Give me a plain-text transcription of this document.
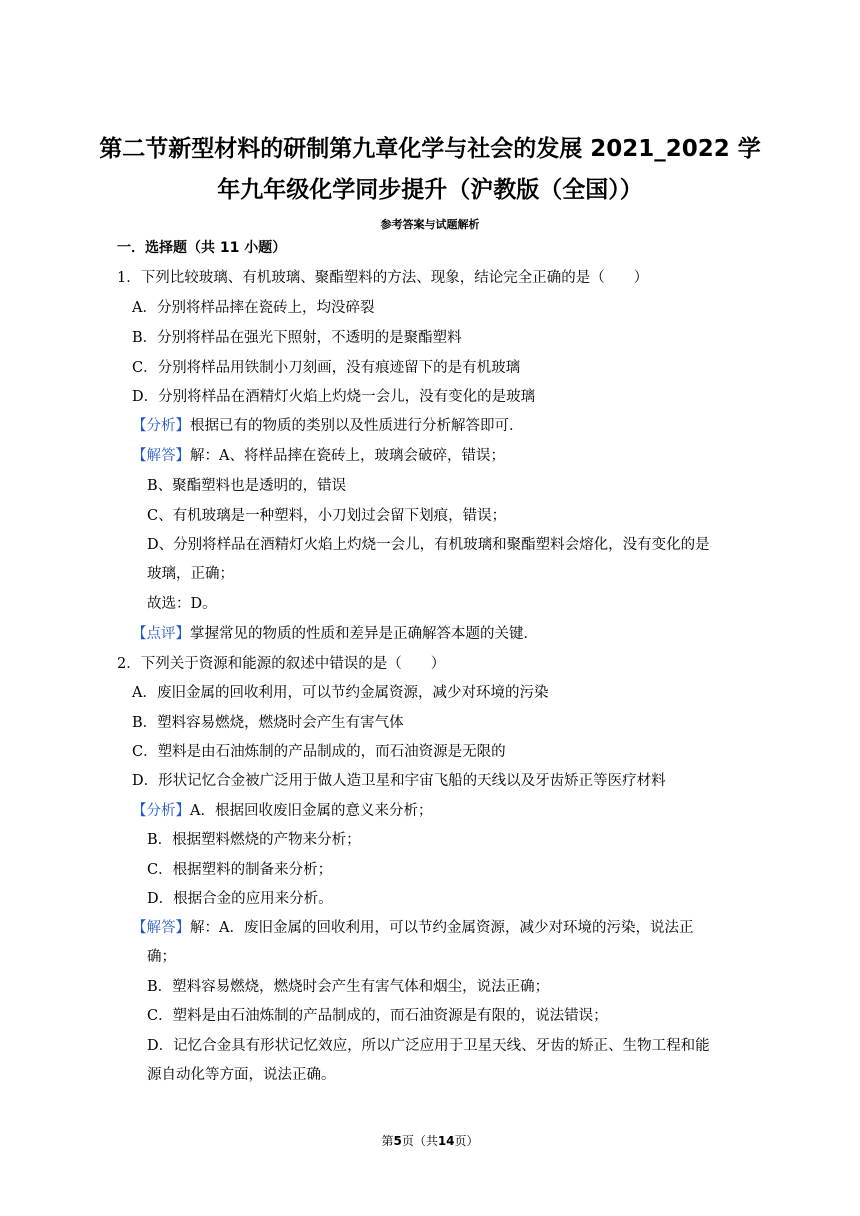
第二节新型材料的研制第九章化学与社会的发展 2021_2022 学
年九年级化学同步提升（沪教版（全国））
参考答案与试题解析
一．选择题（共 11 小题）
1．下列比较玻璃、有机玻璃、聚酯塑料的方法、现象，结论完全正确的是（　　）
A．分别将样品摔在瓷砖上，均没碎裂
B．分别将样品在强光下照射，不透明的是聚酯塑料
C．分别将样品用铁制小刀刻画，没有痕迹留下的是有机玻璃
D．分别将样品在酒精灯火焰上灼烧一会儿，没有变化的是玻璃
【分析】根据已有的物质的类别以及性质进行分析解答即可．
【解答】解：A、将样品摔在瓷砖上，玻璃会破碎，错误；
B、聚酯塑料也是透明的，错误
C、有机玻璃是一种塑料，小刀划过会留下划痕，错误；
D、分别将样品在酒精灯火焰上灼烧一会儿，有机玻璃和聚酯塑料会熔化，没有变化的是
玻璃，正确；
故选：D。
【点评】掌握常见的物质的性质和差异是正确解答本题的关键．
2．下列关于资源和能源的叙述中错误的是（　　）
A．废旧金属的回收利用，可以节约金属资源，减少对环境的污染
B．塑料容易燃烧，燃烧时会产生有害气体
C．塑料是由石油炼制的产品制成的，而石油资源是无限的
D．形状记忆合金被广泛用于做人造卫星和宇宙飞船的天线以及牙齿矫正等医疗材料
【分析】A．根据回收废旧金属的意义来分析；
B．根据塑料燃烧的产物来分析；
C．根据塑料的制备来分析；
D．根据合金的应用来分析。
【解答】解：A．废旧金属的回收利用，可以节约金属资源，减少对环境的污染，说法正
确；
B．塑料容易燃烧，燃烧时会产生有害气体和烟尘，说法正确；
C．塑料是由石油炼制的产品制成的，而石油资源是有限的，说法错误；
D．记忆合金具有形状记忆效应，所以广泛应用于卫星天线、牙齿的矫正、生物工程和能
源自动化等方面，说法正确。
第5页（共14页）
